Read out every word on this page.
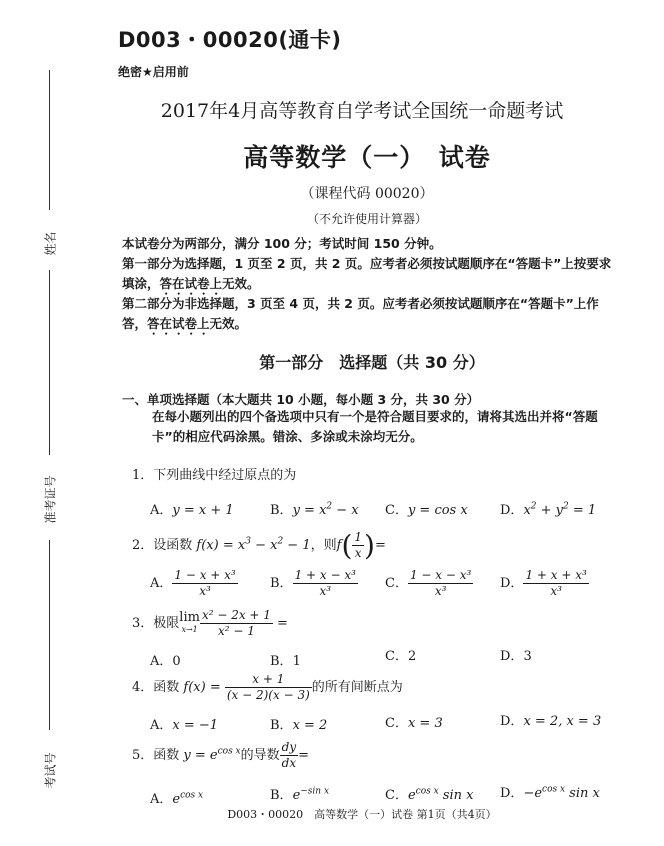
姓名
准考证号
考试号
D003・00020(通卡)
绝密★启用前
2017年4月高等教育自学考试全国统一命题考试
高等数学（一）　试卷
（课程代码 00020）
（不允许使用计算器）
本试卷分为两部分，满分 100 分；考试时间 150 分钟。
第一部分为选择题，1 页至 2 页，共 2 页。应考者必须按试题顺序在“答题卡”上按要求填涂，答在试卷上无效。
第二部分为非选择题，3 页至 4 页，共 2 页。应考者必须按试题顺序在“答题卡”上作答，答在试卷上无效。
第一部分　选择题（共 30 分）
一、单项选择题（本大题共 10 小题，每小题 3 分，共 30 分）
在每小题列出的四个备选项中只有一个是符合题目要求的，请将其选出并将“答题卡”的相应代码涂黑。错涂、多涂或未涂均无分。
1．下列曲线中经过原点的为
A．y = x + 1	B．$y = x^2 - x$ C．y = cos x D．$x^2 + y^2 = 1$
2．设函数 $f(x) = x^3 - x^2 - 1$，则$f( \frac{1}{x}$ )=
A． $\frac{\text{1 − x + x³}}{\text{x³}}$ B． $\frac{\text{1 + x − x³}}{\text{x³}}$ C． $\frac{\text{1 − x − x³}}{\text{x³}}$ D． $\frac{\text{1 + x + x³}}{\text{x³}}$
3．极限lim
$x\to 1 \frac{\text{x² − 2x + 1}}{\text{x² − 1}}$ =
A．0	B．1	C．2	D．3
4．函数 $f(x) = \frac{x + 1}{(x - 2)(x - 3)}$ 的所有间断点为
A．x = −1	B．x = 2	C．x = 3	D．x = 2, x = 3
5．函数 $y = e^{cos x}$的导数 $\frac{dy}{dx}$ =
A．$e^{cos x}$	B．$e^{-sin x}$	C．$e^{cos x}$ sin x D．$-e^{cos x}$ sin x
D003・00020　高等数学（一）试卷 第1页（共4页）
